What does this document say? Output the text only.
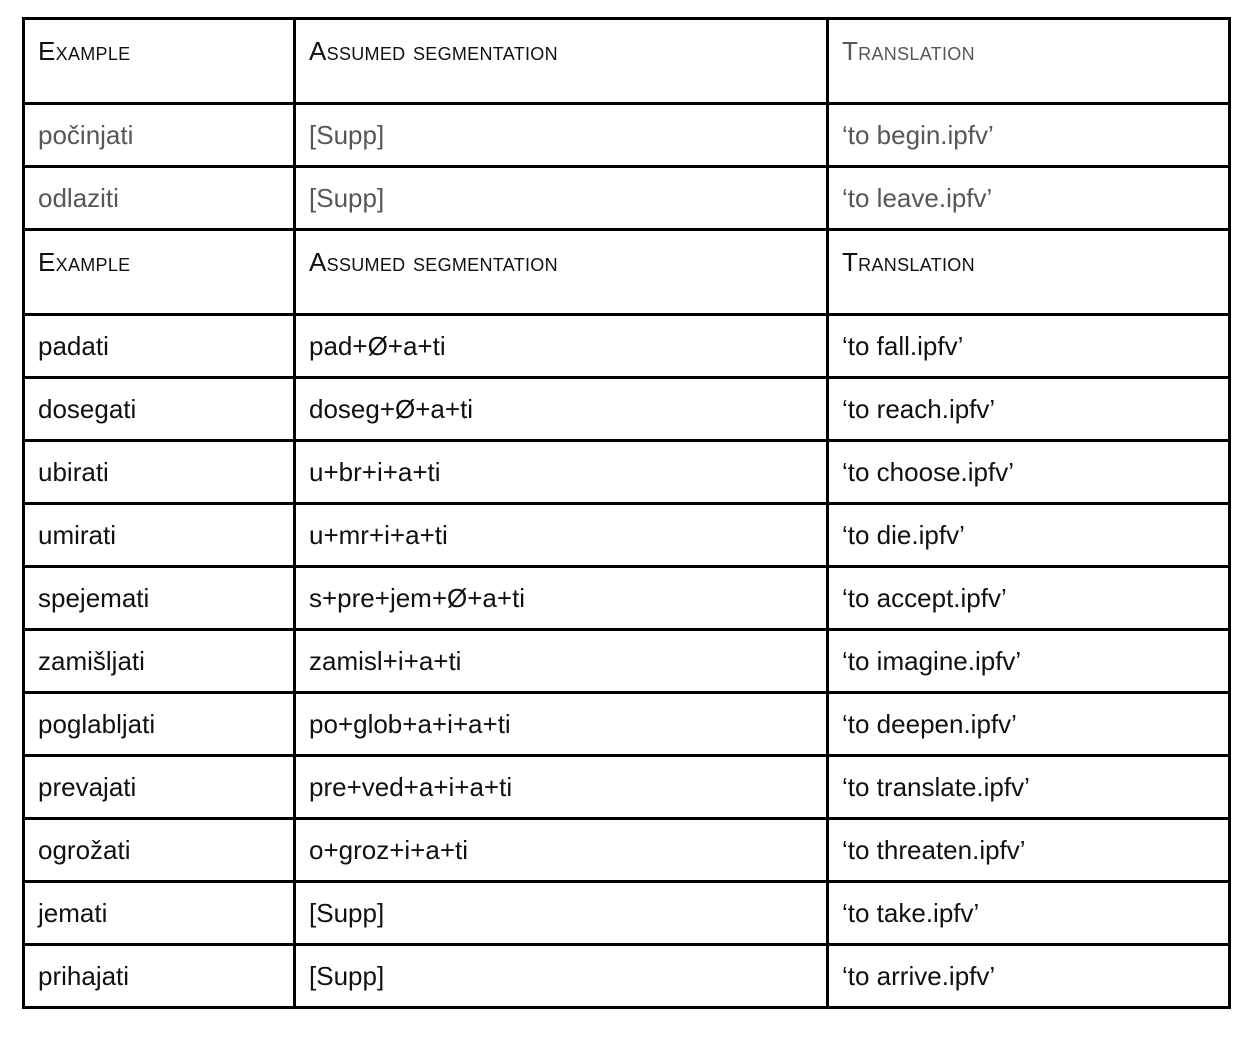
Example	Assumed segmentation	Translation
počinjati	[Supp]	‘to begin.ipfv’
odlaziti	[Supp]	‘to leave.ipfv’
Example	Assumed segmentation	Translation
padati	pad+Ø+a+ti	‘to fall.ipfv’
dosegati	doseg+Ø+a+ti	‘to reach.ipfv’
ubirati	u+br+i+a+ti	‘to choose.ipfv’
umirati	u+mr+i+a+ti	‘to die.ipfv’
spejemati	s+pre+jem+Ø+a+ti	‘to accept.ipfv’
zamišljati	zamisl+i+a+ti	‘to imagine.ipfv’
poglabljati	po+glob+a+i+a+ti	‘to deepen.ipfv’
prevajati	pre+ved+a+i+a+ti	‘to translate.ipfv’
ogrožati	o+groz+i+a+ti	‘to threaten.ipfv’
jemati	[Supp]	‘to take.ipfv’
prihajati	[Supp]	‘to arrive.ipfv’
